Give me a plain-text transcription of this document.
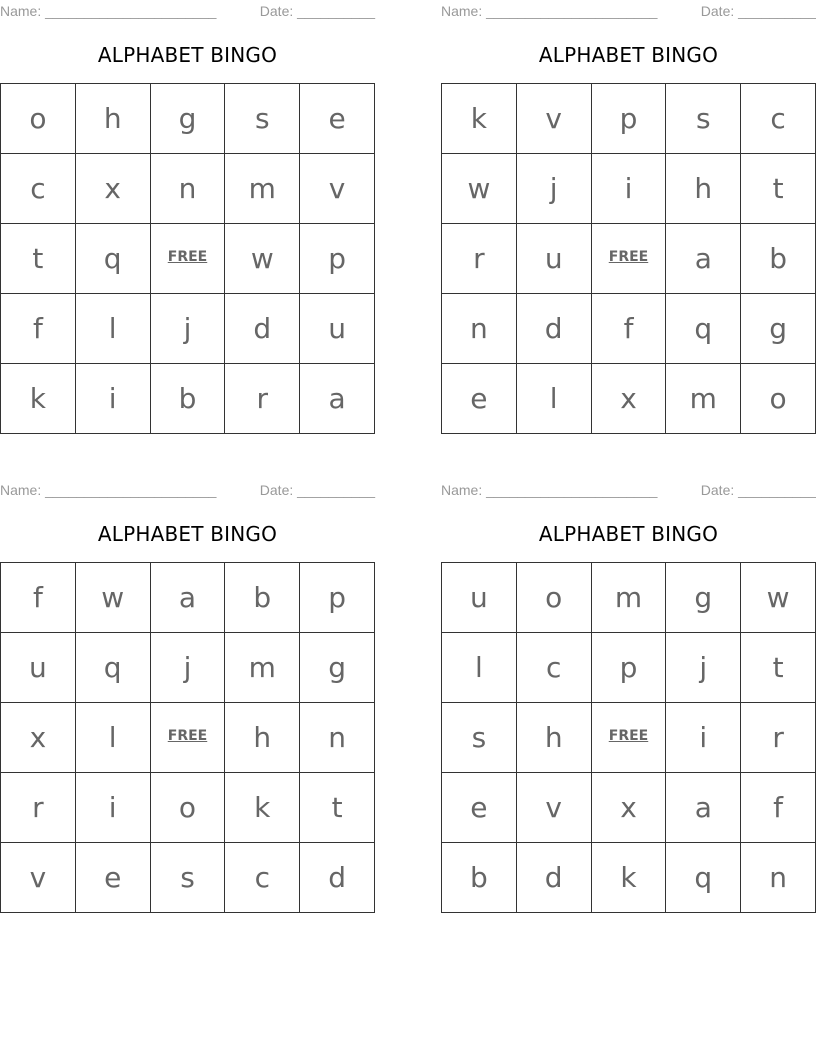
Name: ______________________	Date: __________
ALPHABET BINGO
o	h	g	s	e
c	x	n	m	v
t	q	FREE	w	p
f	l	j	d	u
k	i	b	r	a
Name: ______________________	Date: __________
ALPHABET BINGO
k	v	p	s	c
w	j	i	h	t
r	u	FREE	a	b
n	d	f	q	g
e	l	x	m	o
Name: ______________________	Date: __________
ALPHABET BINGO
f	w	a	b	p
u	q	j	m	g
x	l	FREE	h	n
r	i	o	k	t
v	e	s	c	d
Name: ______________________	Date: __________
ALPHABET BINGO
u	o	m	g	w
l	c	p	j	t
s	h	FREE	i	r
e	v	x	a	f
b	d	k	q	n
